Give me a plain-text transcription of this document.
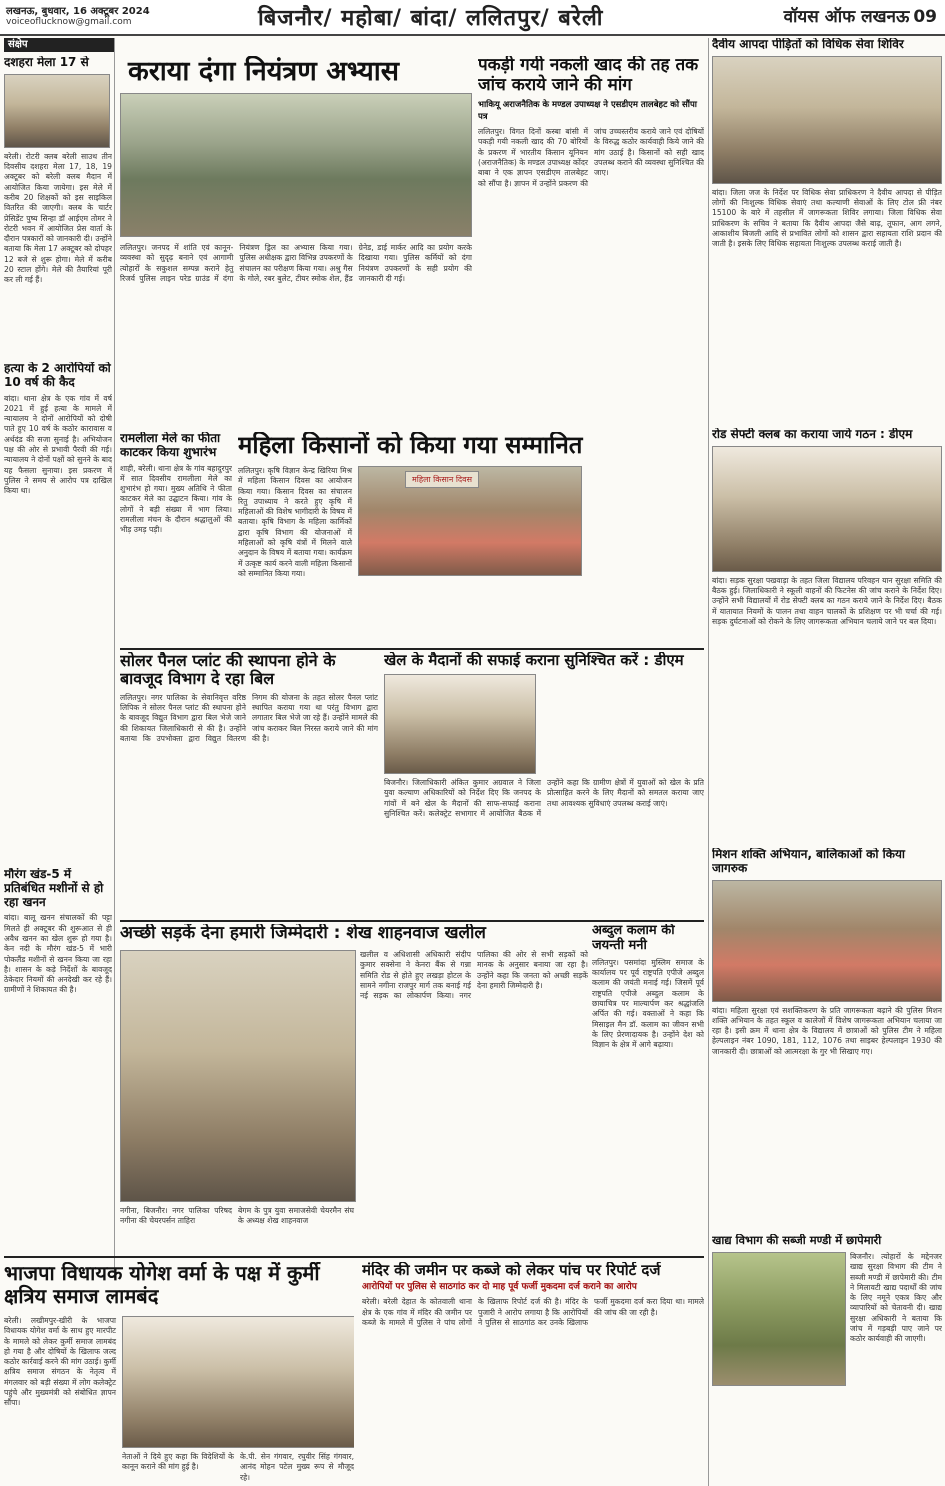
लखनऊ, बुधवार, 16 अक्टूबर 2024
voiceoflucknow@gmail.com	बिजनौर/ महोबा/ बांदा/ ललितपुर/ बरेली	वॉयस ऑफ लखनऊ 09
संक्षेप
दशहरा मेला 17 से
बरेली। रोटरी क्लब बरेली साउथ तीन दिवसीय दशहरा मेला 17, 18, 19 अक्टूबर को बरेली क्लब मैदान में आयोजित किया जायेगा। इस मेले में करीब 20 शिक्षकों को इस साइकिल वितरित की जाएगी। क्लब के चार्टर प्रेसिडेंट पुष्य सिन्हा डॉ आईएम तोमर ने रोटरी भवन में आयोजित प्रेस वार्ता के दौरान पत्रकारों को जानकारी दी। उन्होंने बताया कि मेला 17 अक्टूबर को दोपहर 12 बजे से शुरू होगा। मेले में करीब 20 स्टाल होंगे। मेले की तैयारियां पूरी कर ली गई हैं।
हत्या के 2 आरोपियों को 10 वर्ष की कैद
बांदा। थाना क्षेत्र के एक गांव में वर्ष 2021 में हुई हत्या के मामले में न्यायालय ने दोनों आरोपियों को दोषी पाते हुए 10 वर्ष के कठोर कारावास व अर्थदंड की सजा सुनाई है। अभियोजन पक्ष की ओर से प्रभावी पैरवी की गई। न्यायालय ने दोनों पक्षों को सुनने के बाद यह फैसला सुनाया। इस प्रकरण में पुलिस ने समय से आरोप पत्र दाखिल किया था।
मौरंग खंड-5 में प्रतिबंधित मशीनों से हो रहा खनन
बांदा। बालू खनन संचालकों की पट्टा मिलते ही अक्टूबर की शुरूआत से ही अवैध खनन का खेल शुरू हो गया है। केन नदी के मौरंग खंड-5 में भारी पोकलैंड मशीनों से खनन किया जा रहा है। शासन के कड़े निर्देशों के बावजूद ठेकेदार नियमों की अनदेखी कर रहे हैं। ग्रामीणों ने शिकायत की है।
कराया दंगा नियंत्रण अभ्यास
ललितपुर। जनपद में शांति एवं कानून-व्यवस्था को सुदृढ़ बनाने एवं आगामी त्योहारों के सकुशल सम्पन्न कराने हेतु रिजर्व पुलिस लाइन परेड ग्राउंड में दंगा नियंत्रण ड्रिल का अभ्यास किया गया। पुलिस अधीक्षक द्वारा विभिन्न उपकरणों के संचालन का परीक्षण किया गया। अश्रु गैस के गोले, रबर बुलेट, टीयर स्मोक शेल, हैंड ग्रेनेड, डाई मार्कर आदि का प्रयोग करके दिखाया गया। पुलिस कर्मियों को दंगा नियंत्रण उपकरणों के सही प्रयोग की जानकारी दी गई।
रामलीला मेले का फीता काटकर किया शुभारंभ
शाही, बरेली। थाना क्षेत्र के गांव बहादुरपुर में सात दिवसीय रामलीला मेले का शुभारंभ हो गया। मुख्य अतिथि ने फीता काटकर मेले का उद्घाटन किया। गांव के लोगों ने बड़ी संख्या में भाग लिया। रामलीला मंचन के दौरान श्रद्धालुओं की भीड़ उमड़ पड़ी।
पकड़ी गयी नकली खाद की तह तक जांच कराये जाने की मांग
भाकियू अराजनैतिक के मण्डल उपाध्यक्ष ने एसडीएम तालबेहट को सौंपा पत्र
ललितपुर। विगत दिनों कस्बा बांसी में पकड़ी गयी नकली खाद की 70 बोरियों के प्रकरण में भारतीय किसान यूनियन (अराजनैतिक) के मण्डल उपाध्यक्ष कोंदर बाबा ने एक ज्ञापन एसडीएम तालबेहट को सौंपा है। ज्ञापन में उन्होंने प्रकरण की जांच उच्चस्तरीय कराये जाने एवं दोषियों के विरुद्ध कठोर कार्यवाही किये जाने की मांग उठाई है। किसानों को सही खाद उपलब्ध कराने की व्यवस्था सुनिश्चित की जाए।
महिला किसानों को किया गया सम्मानित
महिला किसान दिवस
ललितपुर। कृषि विज्ञान केन्द्र खिरिया मिश्र में महिला किसान दिवस का आयोजन किया गया। किसान दिवस का संचालन रितु उपाध्याय ने करते हुए कृषि में महिलाओं की विशेष भागीदारी के विषय में बताया। कृषि विभाग के महिला कार्मिकों द्वारा कृषि विभाग की योजनाओं में महिलाओं को कृषि यंत्रों में मिलने वाले अनुदान के विषय में बताया गया। कार्यक्रम में उत्कृष्ट कार्य करने वाली महिला किसानों को सम्मानित किया गया।
सोलर पैनल प्लांट की स्थापना होने के बावजूद विभाग दे रहा बिल
ललितपुर। नगर पालिका के सेवानिवृत्त वरिष्ठ लिपिक ने सोलर पैनल प्लांट की स्थापना होने के बावजूद विद्युत विभाग द्वारा बिल भेजे जाने की शिकायत जिलाधिकारी से की है। उन्होंने बताया कि उपभोक्ता द्वारा विद्युत वितरण निगम की योजना के तहत सोलर पैनल प्लांट स्थापित कराया गया था परंतु विभाग द्वारा लगातार बिल भेजे जा रहे हैं। उन्होंने मामले की जांच कराकर बिल निरस्त कराये जाने की मांग की है।
खेल के मैदानों की सफाई कराना सुनिश्चित करें : डीएम
बिजनौर। जिलाधिकारी अंकित कुमार अग्रवाल ने जिला युवा कल्याण अधिकारियों को निर्देश दिए कि जनपद के गांवों में बने खेल के मैदानों की साफ-सफाई कराना सुनिश्चित करें। कलेक्ट्रेट सभागार में आयोजित बैठक में उन्होंने कहा कि ग्रामीण क्षेत्रों में युवाओं को खेल के प्रति प्रोत्साहित करने के लिए मैदानों को समतल कराया जाए तथा आवश्यक सुविधाएं उपलब्ध कराई जाएं।
अच्छी सड़कें देना हमारी जिम्मेदारी : शेख शाहनवाज खलील
नगीना, बिजनौर। नगर पालिका परिषद नगीना की चेयरपर्सन ताहिरा
बेगम के पुत्र युवा समाजसेवी चेयरमैन संघ के अध्यक्ष शेख शाहनवाज
खलील व अधिशासी अधिकारी संदीप कुमार सक्सेना ने केनरा बैंक से गन्ना समिति रोड से होते हुए लखड़ा होटल के सामने नगीना राजपुर मार्ग तक बनाई गई नई सड़क का लोकार्पण किया। नगर पालिका की ओर से सभी सड़कों को मानक के अनुसार बनाया जा रहा है। उन्होंने कहा कि जनता को अच्छी सड़कें देना हमारी जिम्मेदारी है।
अब्दुल कलाम की जयन्ती मनी
ललितपुर। पसमांदा मुस्लिम समाज के कार्यालय पर पूर्व राष्ट्रपति एपीजे अब्दुल कलाम की जयंती मनाई गई। जिसमें पूर्व राष्ट्रपति एपीजे अब्दुल कलाम के छायाचित्र पर माल्यार्पण कर श्रद्धांजलि अर्पित की गई। वक्ताओं ने कहा कि मिसाइल मैन डॉ. कलाम का जीवन सभी के लिए प्रेरणादायक है। उन्होंने देश को विज्ञान के क्षेत्र में आगे बढ़ाया।
भाजपा विधायक योगेश वर्मा के पक्ष में कुर्मी क्षत्रिय समाज लामबंद
बरेली। लखीमपुर-खीरी के भाजपा विधायक योगेश वर्मा के साथ हुए मारपीट के मामले को लेकर कुर्मी समाज लामबंद हो गया है और दोषियों के खिलाफ जल्द कठोर कार्रवाई करने की मांग उठाई। कुर्मी क्षत्रिय समाज संगठन के नेतृत्व में मंगलवार को बड़ी संख्या में लोग कलेक्ट्रेट पहुंचे और मुख्यमंत्री को संबोधित ज्ञापन सौंपा।
नेताओं ने दिये हुए कहा कि विदेशियों के कानून कराने की मांग हुई है।
के.पी. सेन गंगवार, रघुवीर सिंह गंगवार, आनंद मोहन पटेल मुख्य रूप से मौजूद रहे।
मंदिर की जमीन पर कब्जे को लेकर पांच पर रिपोर्ट दर्ज
आरोपियों पर पुलिस से साठगांठ कर दो माह पूर्व फर्जी मुकदमा दर्ज कराने का आरोप
बरेली। बरेली देहात के कोतवाली थाना क्षेत्र के एक गांव में मंदिर की जमीन पर कब्जे के मामले में पुलिस ने पांच लोगों के खिलाफ रिपोर्ट दर्ज की है। मंदिर के पुजारी ने आरोप लगाया है कि आरोपियों ने पुलिस से साठगांठ कर उनके खिलाफ फर्जी मुकदमा दर्ज करा दिया था। मामले की जांच की जा रही है।
दैवीय आपदा पीड़ितों को विधिक सेवा शिविर
बांदा। जिला जज के निर्देश पर विधिक सेवा प्राधिकरण ने दैवीय आपदा से पीड़ित लोगों की निःशुल्क विधिक सेवाएं तथा कल्याणी सेवाओं के लिए टोल फ्री नंबर 15100 के बारे में तहसील में जागरूकता शिविर लगाया। जिला विधिक सेवा प्राधिकरण के सचिव ने बताया कि दैवीय आपदा जैसे बाढ़, तूफान, आग लगने, आकाशीय बिजली आदि से प्रभावित लोगों को शासन द्वारा सहायता राशि प्रदान की जाती है। इसके लिए विधिक सहायता निःशुल्क उपलब्ध कराई जाती है।
रोड सेफ्टी क्लब का कराया जाये गठन : डीएम
बांदा। सड़क सुरक्षा पखवाड़ा के तहत जिला विद्यालय परिवहन यान सुरक्षा समिति की बैठक हुई। जिलाधिकारी ने स्कूली वाहनों की फिटनेस की जांच कराने के निर्देश दिए। उन्होंने सभी विद्यालयों में रोड सेफ्टी क्लब का गठन कराये जाने के निर्देश दिए। बैठक में यातायात नियमों के पालन तथा वाहन चालकों के प्रशिक्षण पर भी चर्चा की गई। सड़क दुर्घटनाओं को रोकने के लिए जागरूकता अभियान चलाये जाने पर बल दिया।
मिशन शक्ति अभियान, बालिकाओं को किया जागरुक
बांदा। महिला सुरक्षा एवं सशक्तिकरण के प्रति जागरूकता बढ़ाने की पुलिस मिशन शक्ति अभियान के तहत स्कूल व कालेजों में विशेष जागरूकता अभियान चलाया जा रहा है। इसी क्रम में थाना क्षेत्र के विद्यालय में छात्राओं को पुलिस टीम ने महिला हेल्पलाइन नंबर 1090, 181, 112, 1076 तथा साइबर हेल्पलाइन 1930 की जानकारी दी। छात्राओं को आत्मरक्षा के गुर भी सिखाए गए।
खाद्य विभाग की सब्जी मण्डी में छापेमारी
बिजनौर। त्योहारों के मद्देनजर खाद्य सुरक्षा विभाग की टीम ने सब्जी मण्डी में छापेमारी की। टीम ने मिलावटी खाद्य पदार्थों की जांच के लिए नमूने एकत्र किए और व्यापारियों को चेतावनी दी। खाद्य सुरक्षा अधिकारी ने बताया कि जांच में गड़बड़ी पाए जाने पर कठोर कार्यवाही की जाएगी।
